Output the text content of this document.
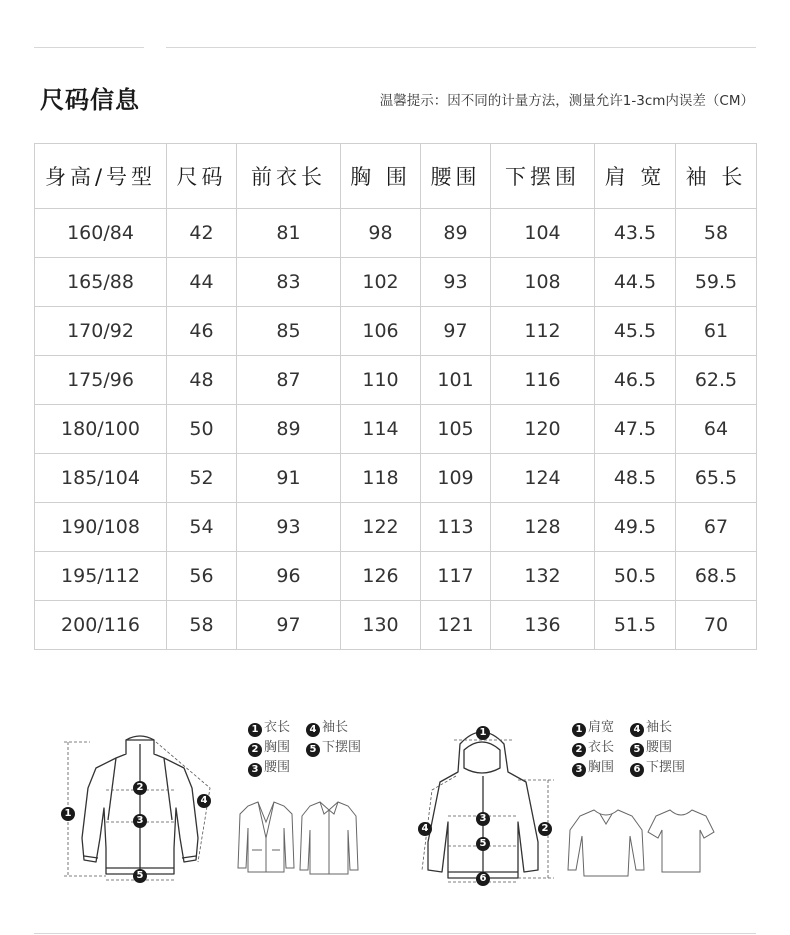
尺码信息	温馨提示：因不同的计量方法，测量允许1-3cm内误差（CM）
身高/号型	尺码	前衣长	胸 围	腰围	下摆围	肩 宽	袖 长
160/84	42	81	98	89	104	43.5	58
165/88	44	83	102	93	108	44.5	59.5
170/92	46	85	106	97	112	45.5	61
175/96	48	87	110	101	116	46.5	62.5
180/100	50	89	114	105	120	47.5	64
185/104	52	91	118	109	124	48.5	65.5
190/108	54	93	122	113	128	49.5	67
195/112	56	96	126	117	132	50.5	68.5
200/116	58	97	130	121	136	51.5	70
1
2
3
4
5
1 衣长	4 袖长
2 胸围	5 下摆围
3 腰围
1
2
3
4
5
6
1 肩宽	4 袖长
2 衣长	5 腰围
3 胸围	6 下摆围
